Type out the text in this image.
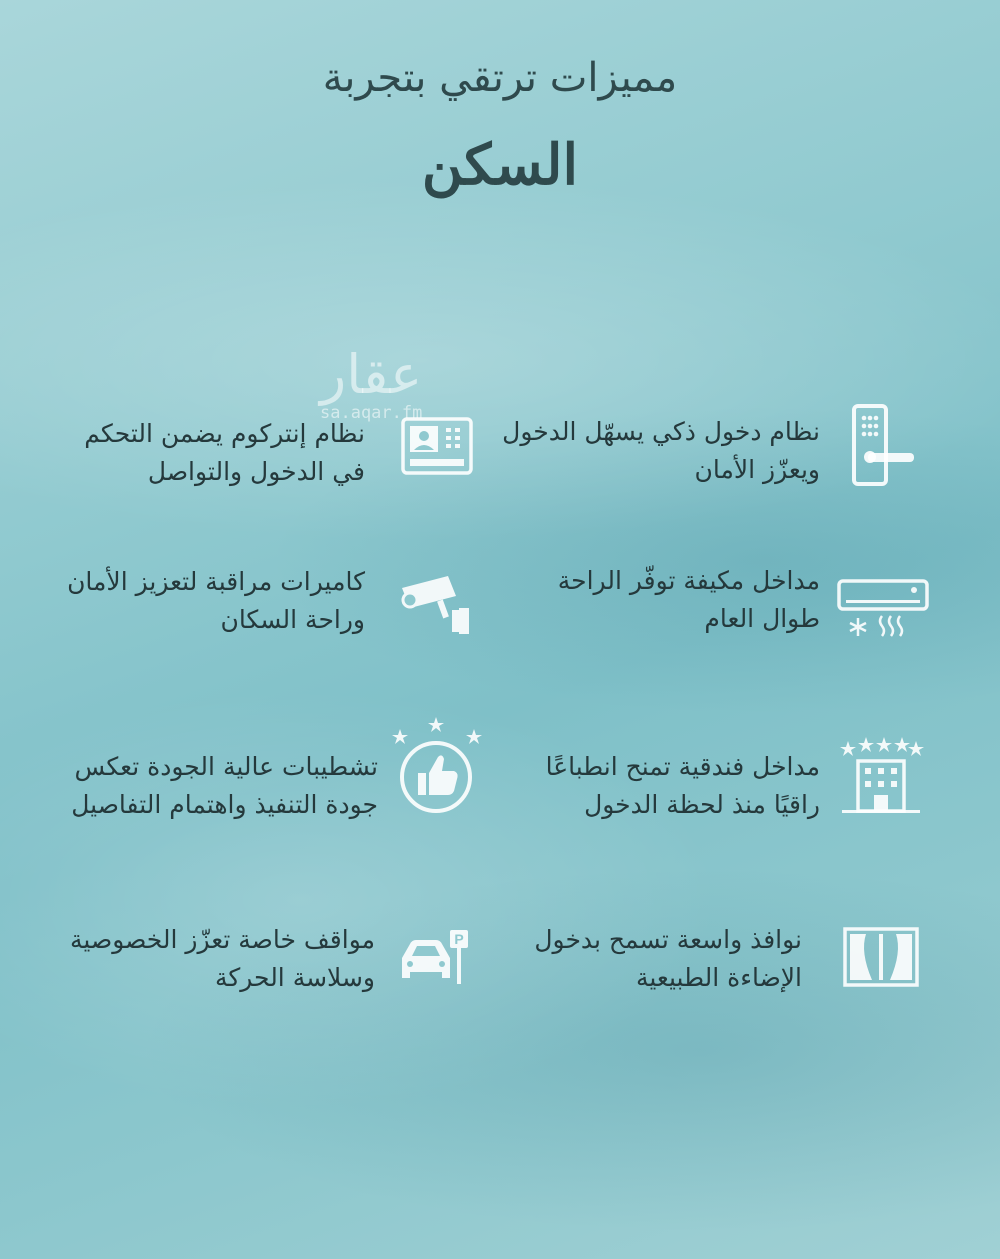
مميزات ترتقي بتجربة
السكن
عقار
sa.aqar.fm
نظام دخول ذكي يسهّل الدخول
ويعزّز الأمان
نظام إنتركوم يضمن التحكم
في الدخول والتواصل
مداخل مكيفة توفّر الراحة
طوال العام
كاميرات مراقبة لتعزيز الأمان
وراحة السكان
مداخل فندقية تمنح انطباعًا
راقيًا منذ لحظة الدخول
تشطيبات عالية الجودة تعكس
جودة التنفيذ واهتمام التفاصيل
نوافذ واسعة تسمح بدخول
الإضاءة الطبيعية
P
مواقف خاصة تعزّز الخصوصية
وسلاسة الحركة
